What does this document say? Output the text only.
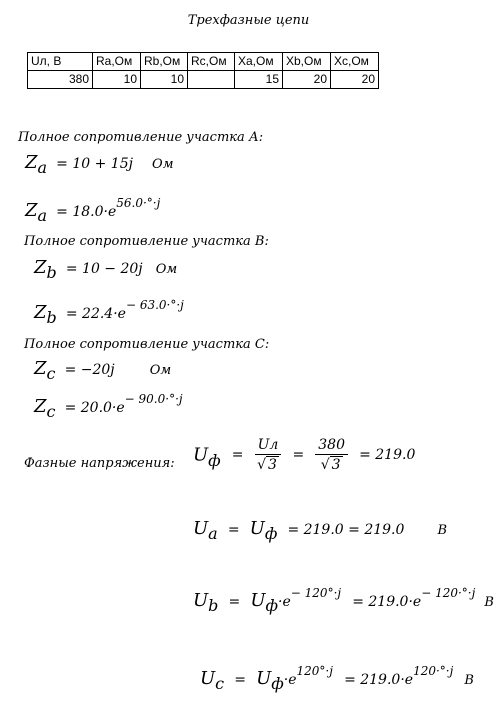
Трехфазные цепи
Uл, В	Ra,Ом	Rb,Ом	Rc,Ом	Xa,Ом	Xb,Ом	Xc,Ом
380	10	10		15	20	20
Полное сопротивление участка А:
Za = 10 + 15j Ом
$Za = 18.0\cdot e^{56.0\cdot^\circ\cdot j}$
Полное сопротивление участка В:
Zb = 10 − 20j Ом
$Zb = 22.4\cdot e^{- 63.0\cdot^\circ\cdot j}$
Полное сопротивление участка С:
Zc = −20j	Ом
$Zc = 20.0\cdot e^{- 90.0\cdot^\circ\cdot j}$
Фазные напряжения: Uф = $\frac{Uл}{√ 3} = \frac{380}{√ 3} = 219.0$
Ua = Uф = 219.0 = 219.0	В
$Ub = Uф\cdot e^{- 120^\circ\cdot j} = 219.0\cdot e^{- 120\cdot^\circ\cdot j}$ В
$Uc = Uф\cdot e^{120^\circ\cdot j} = 219.0\cdot e^{120\cdot^\circ\cdot j}$ В
